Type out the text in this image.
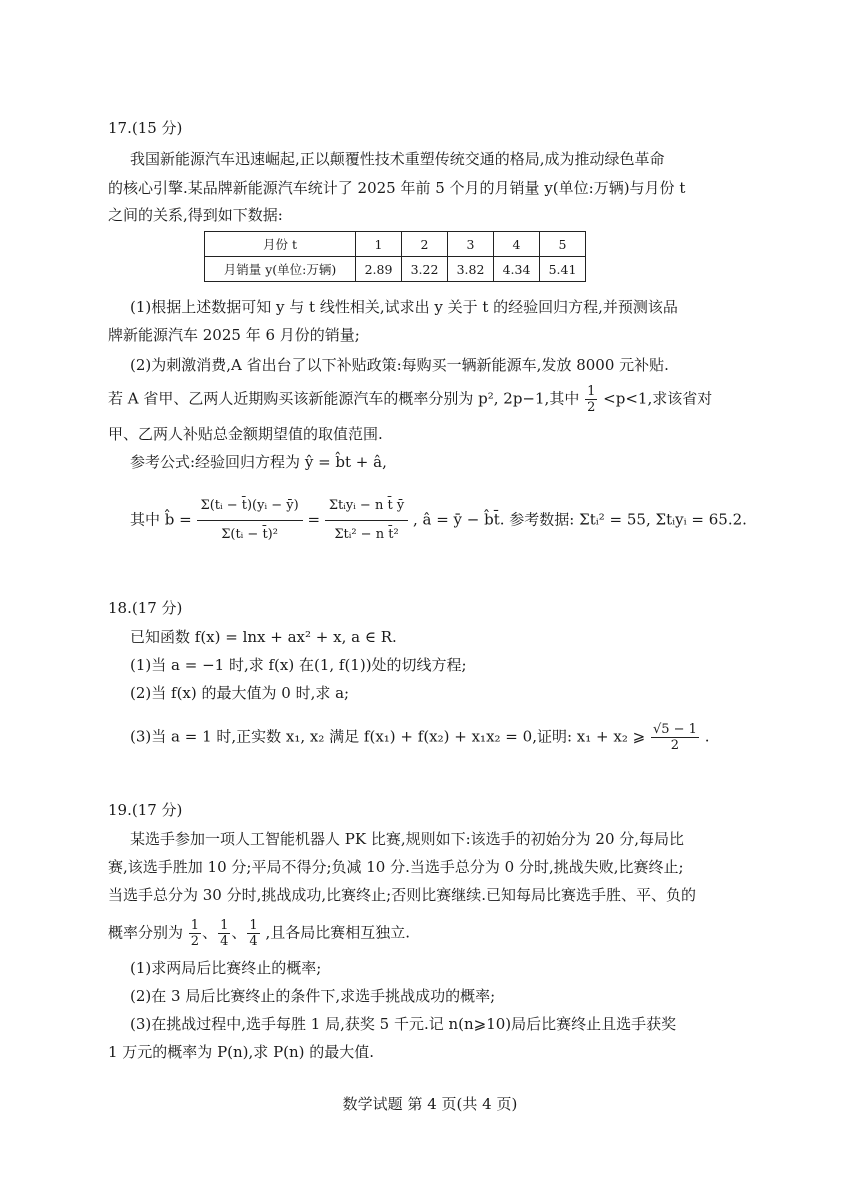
17.(15 分)
我国新能源汽车迅速崛起,正以颠覆性技术重塑传统交通的格局,成为推动绿色革命
的核心引擎.某品牌新能源汽车统计了 2025 年前 5 个月的月销量 y(单位:万辆)与月份 t
之间的关系,得到如下数据:
月份 t	1	2	3	4	5
月销量 y(单位:万辆)	2.89	3.22	3.82	4.34	5.41
(1)根据上述数据可知 y 与 t 线性相关,试求出 y 关于 t 的经验回归方程,并预测该品
牌新能源汽车 2025 年 6 月份的销量;
(2)为刺激消费,A 省出台了以下补贴政策:每购买一辆新能源车,发放 8000 元补贴.
若 A 省甲、乙两人近期购买该新能源汽车的概率分别为 p², 2p−1,其中 $\frac{1}{2} <p<1$,求该省对
甲、乙两人补贴总金额期望值的取值范围.
参考公式:经验回归方程为 ŷ = b̂t + â,
其中 b̂ = $\frac{\text{Σ(tᵢ − t̄)(yᵢ − ȳ)}}{\text{Σ(tᵢ − t̄)²}} = \frac{\text{Σtᵢyᵢ − n t̄ ȳ}}{\text{Σtᵢ² − n t̄²}}$ , â = ȳ − b̂t̄. 参考数据: Σtᵢ² = 55, Σtᵢyᵢ = 65.2.
18.(17 分)
已知函数 f(x) = lnx + ax² + x, a ∈ R.
(1)当 a = −1 时,求 f(x) 在(1, f(1))处的切线方程;
(2)当 f(x) 的最大值为 0 时,求 a;
(3)当 a = 1 时,正实数 x₁, x₂ 满足 f(x₁) + f(x₂) + x₁x₂ = 0,证明: x₁ + x₂ ⩾ $\frac{√5 - 1}{2}$ .
19.(17 分)
某选手参加一项人工智能机器人 PK 比赛,规则如下:该选手的初始分为 20 分,每局比
赛,该选手胜加 10 分;平局不得分;负减 10 分.当选手总分为 0 分时,挑战失败,比赛终止;
当选手总分为 30 分时,挑战成功,比赛终止;否则比赛继续.已知每局比赛选手胜、平、负的
概率分别为 $\frac{1}{2}$ 、 $\frac{1}{4}$ 、 $\frac{1}{4}$ ,且各局比赛相互独立.
(1)求两局后比赛终止的概率;
(2)在 3 局后比赛终止的条件下,求选手挑战成功的概率;
(3)在挑战过程中,选手每胜 1 局,获奖 5 千元.记 n(n⩾10)局后比赛终止且选手获奖
1 万元的概率为 P(n),求 P(n) 的最大值.
数学试题 第 4 页(共 4 页)
